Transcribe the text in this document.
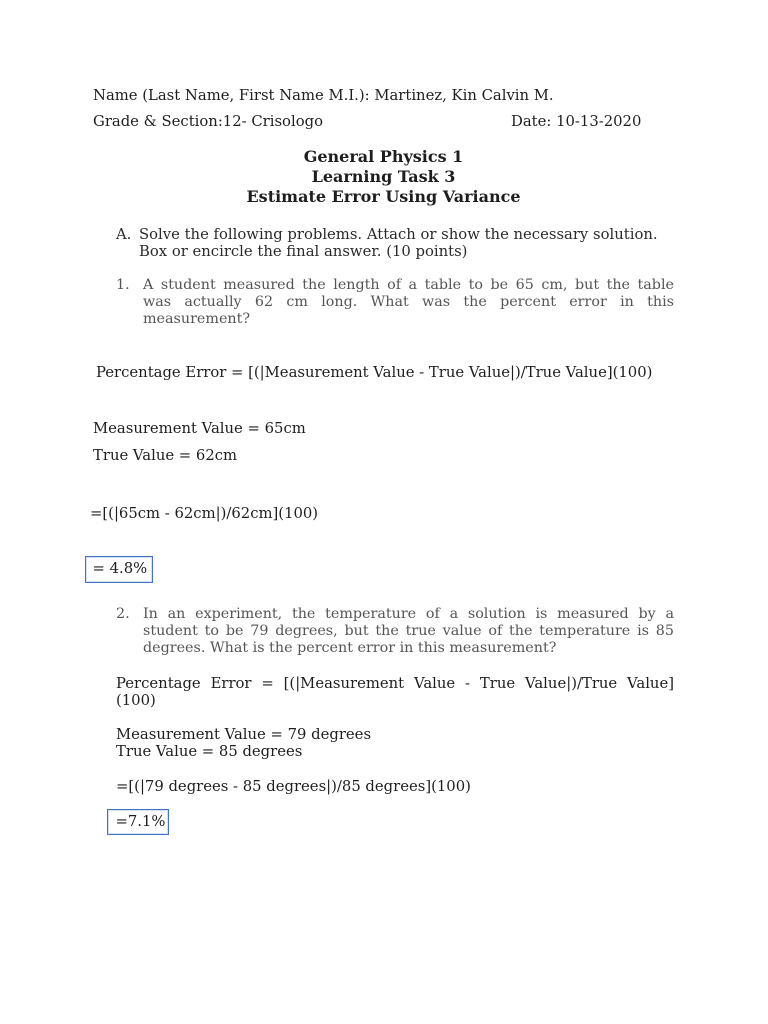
Name (Last Name, First Name M.I.): Martinez, Kin Calvin M.
Grade & Section:12- Crisologo	Date: 10-13-2020
General Physics 1
Learning Task 3
Estimate Error Using Variance
A. Solve the following problems. Attach or show the necessary solution.
Box or encircle the final answer. (10 points)
1. A student measured the length of a table to be 65 cm, but the table
was actually 62 cm long. What was the percent error in this
measurement?
Percentage Error = [(|Measurement Value - True Value|)/True Value](100)
Measurement Value = 65cm
True Value = 62cm
=[(|65cm - 62cm|)/62cm](100)
= 4.8%
2. In an experiment, the temperature of a solution is measured by a
student to be 79 degrees, but the true value of the temperature is 85
degrees. What is the percent error in this measurement?
Percentage Error = [(|Measurement Value - True Value|)/True Value]
(100)
Measurement Value = 79 degrees
True Value = 85 degrees
=[(|79 degrees - 85 degrees|)/85 degrees](100)
=7.1%
